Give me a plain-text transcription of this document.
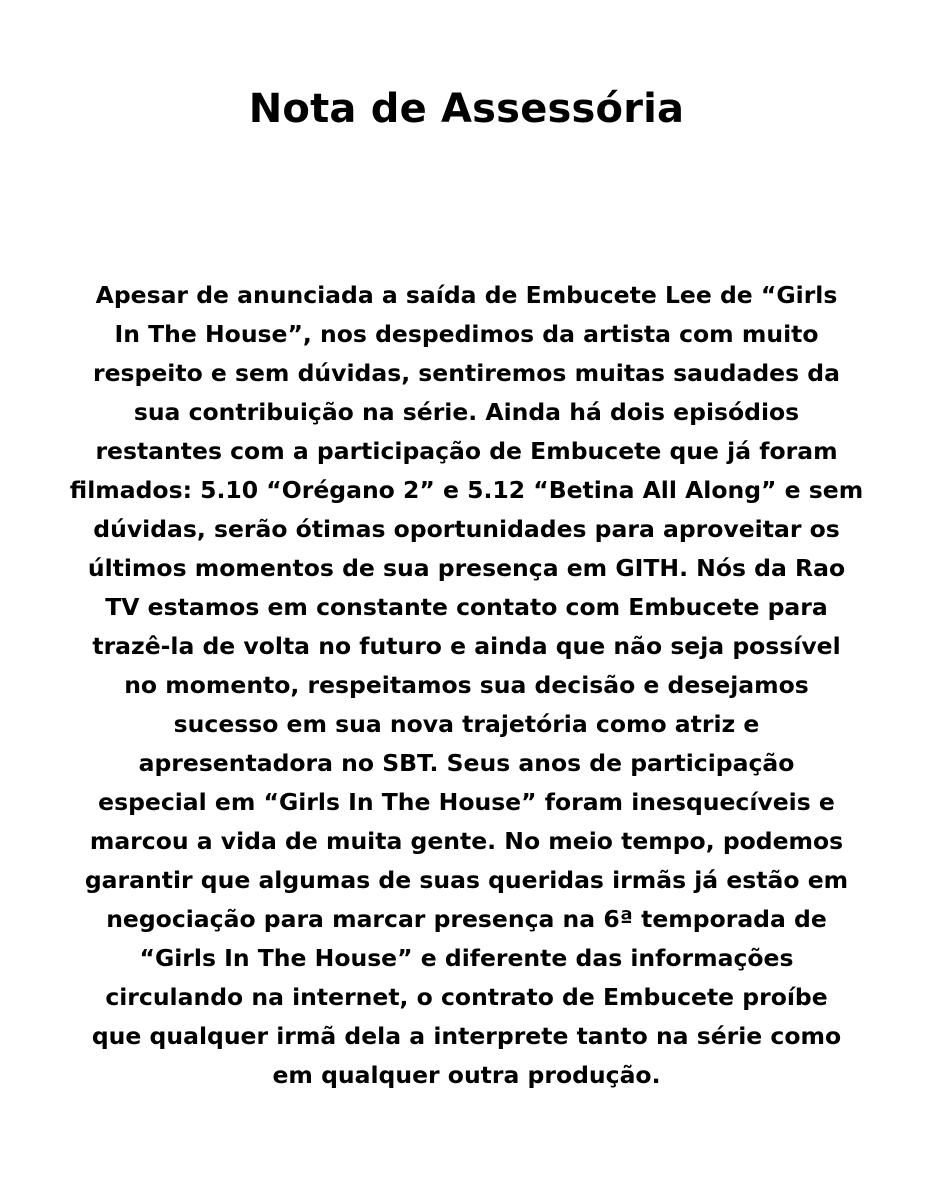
Nota de Assessória
Apesar de anunciada a saída de Embucete Lee de “Girls
In The House”, nos despedimos da artista com muito
respeito e sem dúvidas, sentiremos muitas saudades da
sua contribuição na série. Ainda há dois episódios
restantes com a participação de Embucete que já foram
filmados: 5.10 “Orégano 2” e 5.12 “Betina All Along” e sem
dúvidas, serão ótimas oportunidades para aproveitar os
últimos momentos de sua presença em GITH. Nós da Rao
TV estamos em constante contato com Embucete para
trazê-la de volta no futuro e ainda que não seja possível
no momento, respeitamos sua decisão e desejamos
sucesso em sua nova trajetória como atriz e
apresentadora no SBT. Seus anos de participação
especial em “Girls In The House” foram inesquecíveis e
marcou a vida de muita gente. No meio tempo, podemos
garantir que algumas de suas queridas irmãs já estão em
negociação para marcar presença na 6ª temporada de
“Girls In The House” e diferente das informações
circulando na internet, o contrato de Embucete proíbe
que qualquer irmã dela a interprete tanto na série como
em qualquer outra produção.
